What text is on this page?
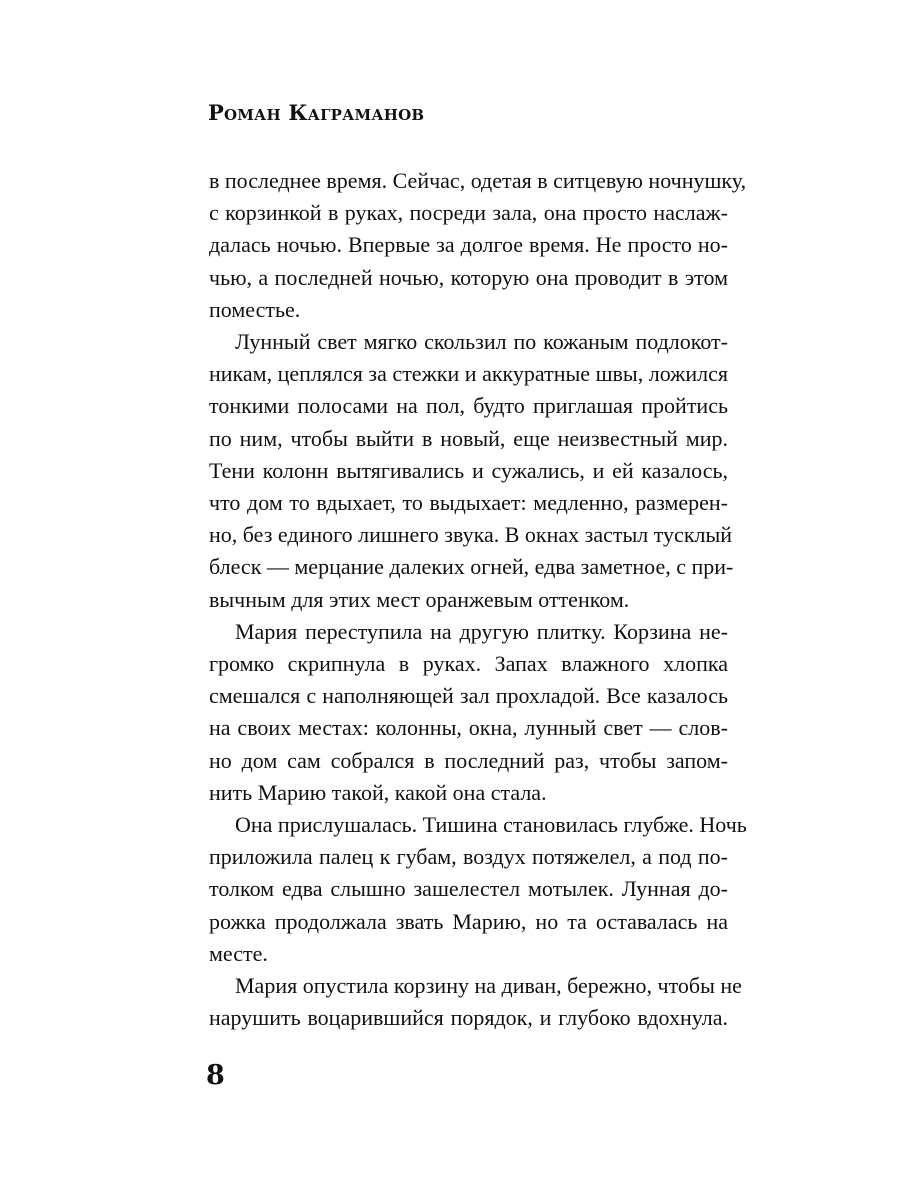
Роман Каграманов

в последнее время. Сейчас, одетая в ситцевую ночнушку,
с корзинкой в руках, посреди зала, она просто наслаж-
далась ночью. Впервые за долгое время. Не просто но-
чью, а последней ночью, которую она проводит в этом
поместье.

Лунный свет мягко скользил по кожаным подлокот-
никам, цеплялся за стежки и аккуратные швы, ложился
тонкими полосами на пол, будто приглашая пройтись
по ним, чтобы выйти в новый, еще неизвестный мир.
Тени колонн вытягивались и сужались, и ей казалось,
что дом то вдыхает, то выдыхает: медленно, размерен-
но, без единого лишнего звука. В окнах застыл тусклый
блеск — мерцание далеких огней, едва заметное, с при-
вычным для этих мест оранжевым оттенком.

Мария переступила на другую плитку. Корзина не-
громко скрипнула в руках. Запах влажного хлопка
смешался с наполняющей зал прохладой. Все казалось
на своих местах: колонны, окна, лунный свет — слов-
но дом сам собрался в последний раз, чтобы запом-
нить Марию такой, какой она стала.

Она прислушалась. Тишина становилась глубже. Ночь
приложила палец к губам, воздух потяжелел, а под по-
толком едва слышно зашелестел мотылек. Лунная до-
рожка продолжала звать Марию, но та оставалась на
месте.

Мария опустила корзину на диван, бережно, чтобы не
нарушить воцарившийся порядок, и глубоко вдохнула.

8
